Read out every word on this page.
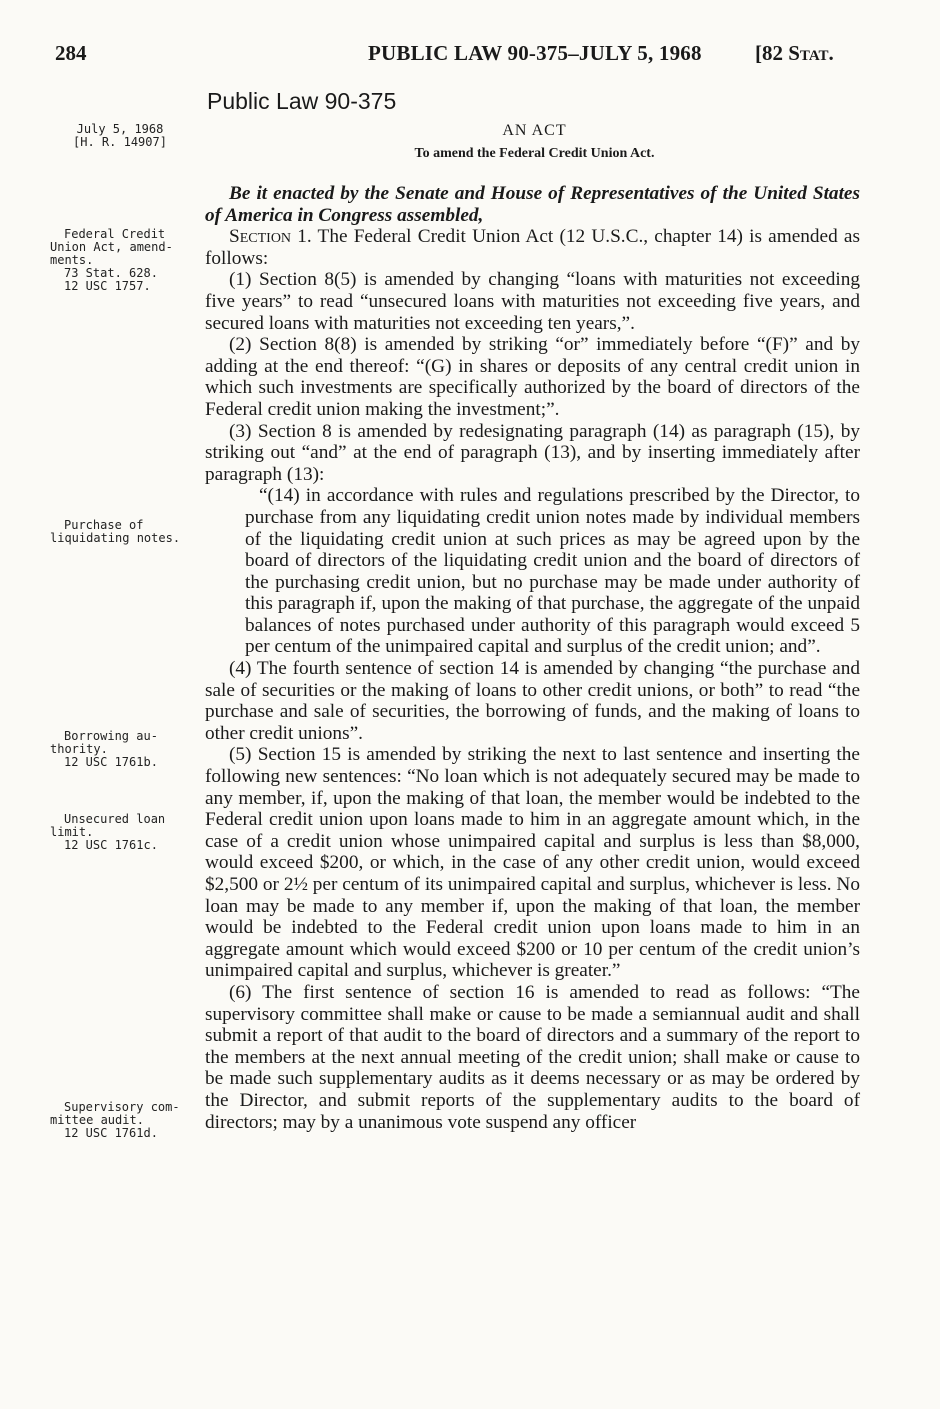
284	PUBLIC LAW 90-375–JULY 5, 1968	[82 Stat.
July 5, 1968
[H. R. 14907]
Federal Credit
Union Act, amend-
ments.
73 Stat. 628.
12 USC 1757.
Purchase of
liquidating notes.
Borrowing au-
thority.
12 USC 1761b.
Unsecured loan
limit.
12 USC 1761c.
Supervisory com-
mittee audit.
12 USC 1761d.
Public Law 90-375
AN ACT
To amend the Federal Credit Union Act.

Be it enacted by the Senate and House of Representatives of the United States of America in Congress assembled,

Section 1. The Federal Credit Union Act (12 U.S.C., chapter 14) is amended as follows:

(1) Section 8(5) is amended by changing “loans with maturities not exceeding five years” to read “unsecured loans with maturities not exceeding five years, and secured loans with maturities not exceeding ten years,”.

(2) Section 8(8) is amended by striking “or” immediately before “(F)” and by adding at the end thereof: “(G) in shares or deposits of any central credit union in which such investments are specifically authorized by the board of directors of the Federal credit union making the investment;”.

(3) Section 8 is amended by redesignating paragraph (14) as paragraph (15), by striking out “and” at the end of paragraph (13), and by inserting immediately after paragraph (13):

“(14) in accordance with rules and regulations prescribed by the Director, to purchase from any liquidating credit union notes made by individual members of the liquidating credit union at such prices as may be agreed upon by the board of directors of the liquidating credit union and the board of directors of the purchasing credit union, but no purchase may be made under authority of this paragraph if, upon the making of that purchase, the aggregate of the unpaid balances of notes purchased under authority of this paragraph would exceed 5 per centum of the unimpaired capital and surplus of the credit union; and”.

(4) The fourth sentence of section 14 is amended by changing “the purchase and sale of securities or the making of loans to other credit unions, or both” to read “the purchase and sale of securities, the borrowing of funds, and the making of loans to other credit unions”.

(5) Section 15 is amended by striking the next to last sentence and inserting the following new sentences: “No loan which is not adequately secured may be made to any member, if, upon the making of that loan, the member would be indebted to the Federal credit union upon loans made to him in an aggregate amount which, in the case of a credit union whose unimpaired capital and surplus is less than $8,000, would exceed $200, or which, in the case of any other credit union, would exceed $2,500 or 2½ per centum of its unimpaired capital and surplus, whichever is less. No loan may be made to any member if, upon the making of that loan, the member would be indebted to the Federal credit union upon loans made to him in an aggregate amount which would exceed $200 or 10 per centum of the credit union’s unimpaired capital and surplus, whichever is greater.”

(6) The first sentence of section 16 is amended to read as follows: “The supervisory committee shall make or cause to be made a semiannual audit and shall submit a report of that audit to the board of directors and a summary of the report to the members at the next annual meeting of the credit union; shall make or cause to be made such supplementary audits as it deems necessary or as may be ordered by the Director, and submit reports of the supplementary audits to the board of directors; may by a unanimous vote suspend any officer
